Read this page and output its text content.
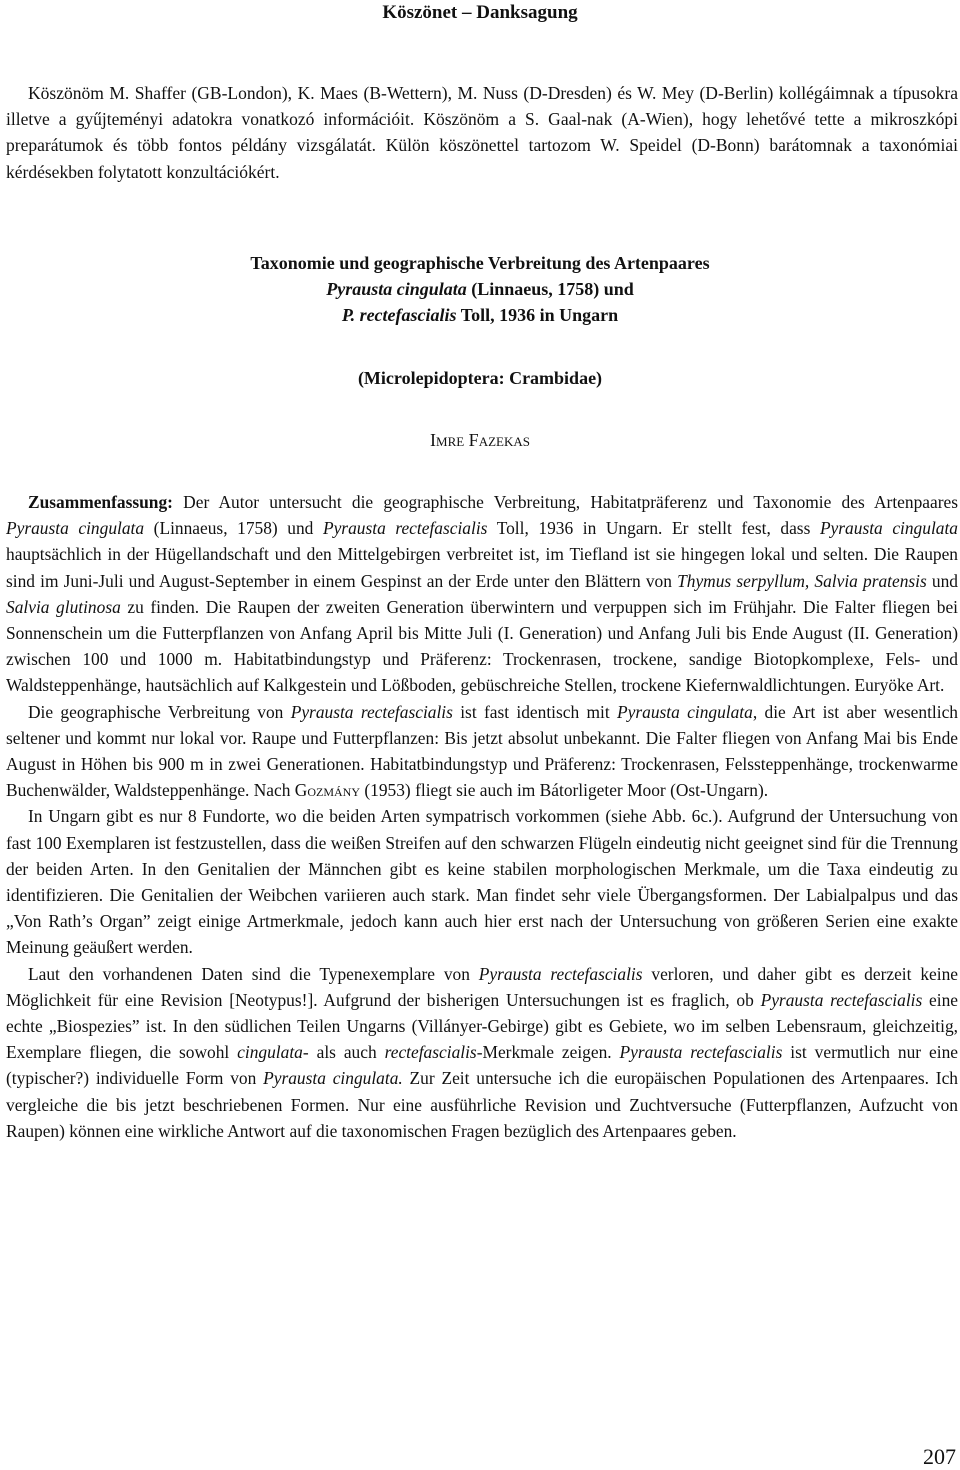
Köszönet – Danksagung

Köszönöm M. Shaffer (GB-London), K. Maes (B-Wettern), M. Nuss (D-Dresden) és W. Mey (D-Berlin) kollégáimnak a típusokra illetve a gyűjteményi adatokra vonatkozó információit. Köszönöm a S. Gaal-nak (A-Wien), hogy lehetővé tette a mikroszkópi preparátumok és több fontos példány vizsgálatát. Külön köszönettel tartozom W. Speidel (D-Bonn) barátomnak a taxonómiai kérdésekben folytatott konzultációkért.

Taxonomie und geographische Verbreitung des Artenpaares
Pyrausta cingulata (Linnaeus, 1758) und
P. rectefascialis Toll, 1936 in Ungarn
(Microlepidoptera: Crambidae)
Imre Fazekas

Zusammenfassung: Der Autor untersucht die geographische Verbreitung, Habitatpräferenz und Taxonomie des Artenpaares Pyrausta cingulata (Linnaeus, 1758) und Pyrausta rectefascialis Toll, 1936 in Ungarn. Er stellt fest, dass Pyrausta cingulata hauptsächlich in der Hügellandschaft und den Mittelgebirgen verbreitet ist, im Tiefland ist sie hingegen lokal und selten. Die Raupen sind im Juni-Juli und August-September in einem Gespinst an der Erde unter den Blättern von Thymus serpyllum, Salvia pratensis und Salvia glutinosa zu finden. Die Raupen der zweiten Generation überwintern und verpuppen sich im Frühjahr. Die Falter fliegen bei Sonnenschein um die Futterpflanzen von Anfang April bis Mitte Juli (I. Generation) und Anfang Juli bis Ende August (II. Generation) zwischen 100 und 1000 m. Habitatbindungstyp und Präferenz: Trockenrasen, trockene, sandige Biotopkomplexe, Fels- und Waldsteppenhänge, hautsächlich auf Kalkgestein und Lößboden, gebüschreiche Stellen, trockene Kiefernwaldlichtungen. Euryöke Art.

Die geographische Verbreitung von Pyrausta rectefascialis ist fast identisch mit Pyrausta cingulata, die Art ist aber wesentlich seltener und kommt nur lokal vor. Raupe und Futterpflanzen: Bis jetzt absolut unbekannt. Die Falter fliegen von Anfang Mai bis Ende August in Höhen bis 900 m in zwei Generationen. Habitatbindungstyp und Präferenz: Trockenrasen, Felssteppenhänge, trockenwarme Buchenwälder, Waldsteppenhänge. Nach Gozmány (1953) fliegt sie auch im Bátorligeter Moor (Ost-Ungarn).

In Ungarn gibt es nur 8 Fundorte, wo die beiden Arten sympatrisch vorkommen (siehe Abb. 6c.). Aufgrund der Untersuchung von fast 100 Exemplaren ist festzustellen, dass die weißen Streifen auf den schwarzen Flügeln eindeutig nicht geeignet sind für die Trennung der beiden Arten. In den Genitalien der Männchen gibt es keine stabilen morphologischen Merkmale, um die Taxa eindeutig zu identifizieren. Die Genitalien der Weibchen variieren auch stark. Man findet sehr viele Übergangsformen. Der Labialpalpus und das „Von Rath’s Organ” zeigt einige Artmerkmale, jedoch kann auch hier erst nach der Untersuchung von größeren Serien eine exakte Meinung geäußert werden.

Laut den vorhandenen Daten sind die Typenexemplare von Pyrausta rectefascialis verloren, und daher gibt es derzeit keine Möglichkeit für eine Revision [Neotypus!]. Aufgrund der bisherigen Untersuchungen ist es fraglich, ob Pyrausta rectefascialis eine echte „Biospezies” ist. In den südlichen Teilen Ungarns (Villányer-Gebirge) gibt es Gebiete, wo im selben Lebensraum, gleichzeitig, Exemplare fliegen, die sowohl cingulata- als auch rectefascialis-Merkmale zeigen. Pyrausta rectefascialis ist vermutlich nur eine (typischer?) individuelle Form von Pyrausta cingulata. Zur Zeit untersuche ich die europäischen Populationen des Artenpaares. Ich vergleiche die bis jetzt beschriebenen Formen. Nur eine ausführliche Revision und Zuchtversuche (Futterpflanzen, Aufzucht von Raupen) können eine wirkliche Antwort auf die taxonomischen Fragen bezüglich des Artenpaares geben.

207
